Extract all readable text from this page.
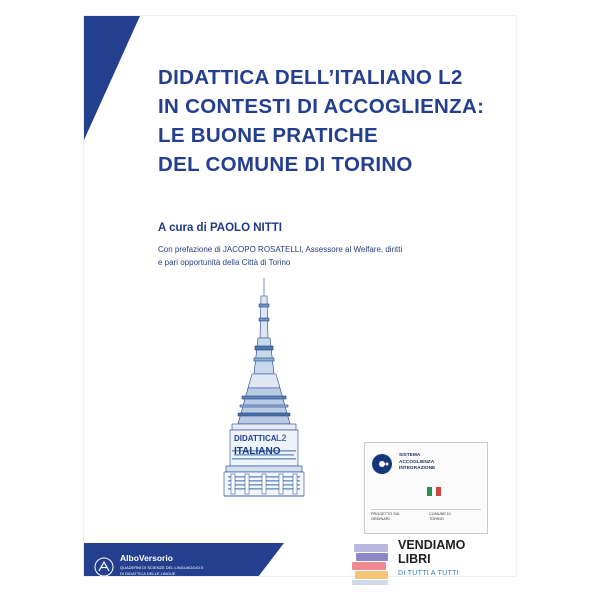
DIDATTICA DELL’ITALIANO L2
IN CONTESTI DI ACCOGLIENZA:
LE BUONE PRATICHE
DEL COMUNE DI TORINO

A cura di PAOLO NITTI

Con prefazione di JACOPO ROSATELLI, Assessore al Welfare, diritti
e pari opportunità della Città di Torino

DIDATTICA L2
ITALIANO	SISTEMA
ACCOGLIENZA
INTEGRAZIONE
PROGETTO SAI
ORDINARI
COMUNE DI
TORINO

AlboVersorio

QUADERNI DI SCIENZE DEL LINGUAGGIO E
DI DIDATTICA DELLE LINGUE

VENDIAMO
LIBRI

DI TUTTI A TUTTI
